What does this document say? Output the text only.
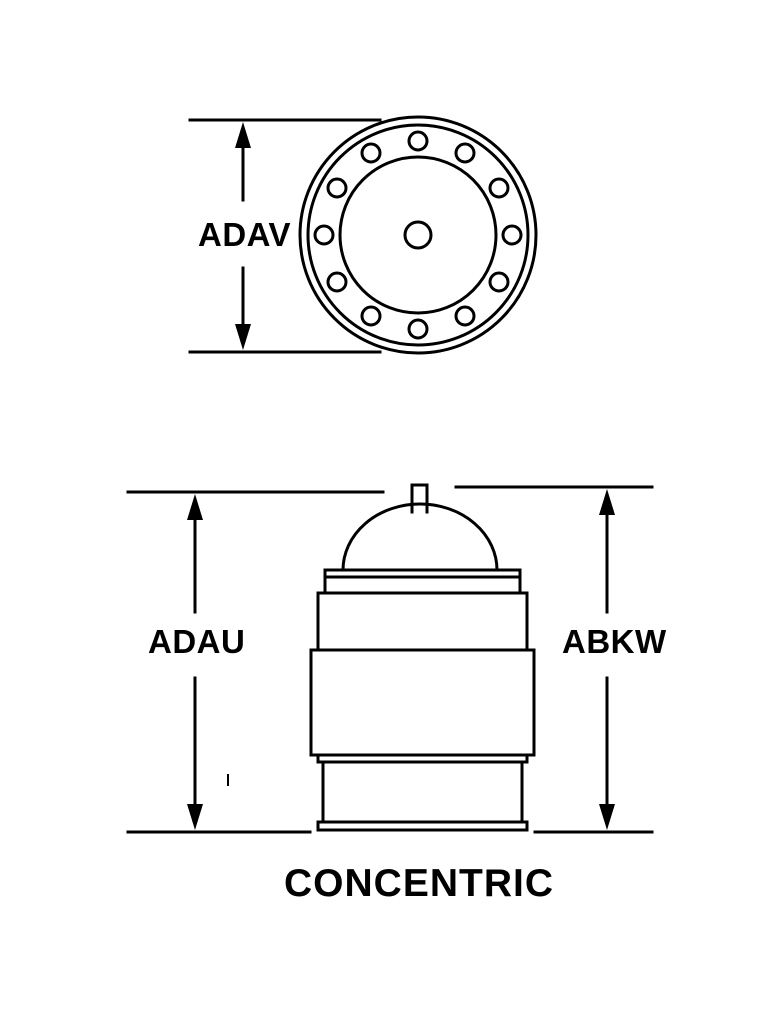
ADAV
ADAU	ABKW
CONCENTRIC
